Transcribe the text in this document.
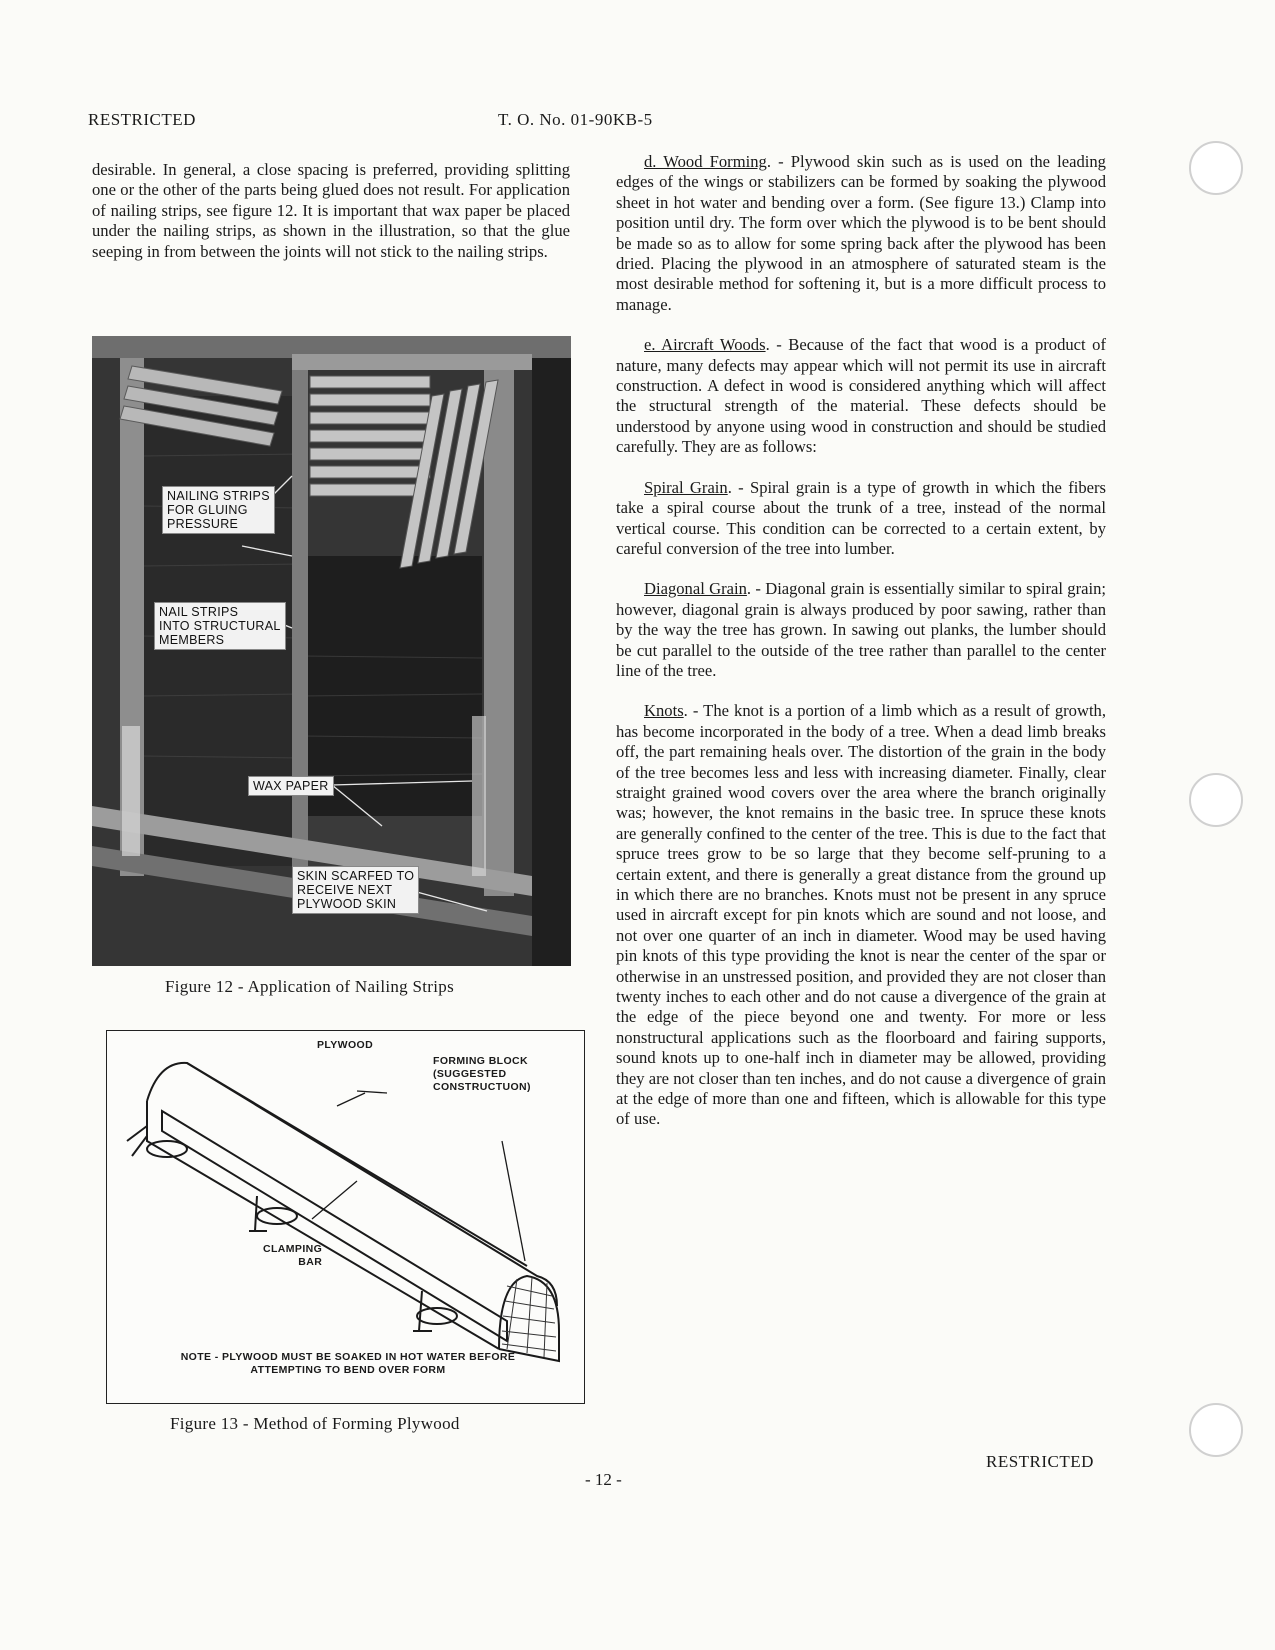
RESTRICTED	T. O. No. 01-90KB-5

desirable. In general, a close spacing is preferred, providing splitting one or the other of the parts being glued does not result. For application of nailing strips, see figure 12. It is important that wax paper be placed under the nailing strips, as shown in the illustration, so that the glue seeping in from between the joints will not stick to the nailing strips.

NAILING STRIPS
FOR GLUING
PRESSURE
NAIL STRIPS
INTO STRUCTURAL
MEMBERS
WAX PAPER
SKIN SCARFED TO
RECEIVE NEXT
PLYWOOD SKIN
Figure 12 - Application of Nailing Strips
PLYWOOD
FORMING BLOCK
(SUGGESTED
CONSTRUCTUON)
CLAMPING
BAR
NOTE - PLYWOOD MUST BE SOAKED IN HOT WATER BEFORE
ATTEMPTING TO BEND OVER FORM
Figure 13 - Method of Forming Plywood

d. Wood Forming. - Plywood skin such as is used on the leading edges of the wings or stabilizers can be formed by soaking the plywood sheet in hot water and bending over a form. (See figure 13.) Clamp into position until dry. The form over which the plywood is to be bent should be made so as to allow for some spring back after the plywood has been dried. Placing the plywood in an atmosphere of saturated steam is the most desirable method for softening it, but is a more difficult process to manage.

e. Aircraft Woods. - Because of the fact that wood is a product of nature, many defects may appear which will not permit its use in aircraft construction. A defect in wood is considered anything which will affect the structural strength of the material. These defects should be understood by anyone using wood in construction and should be studied carefully. They are as follows:

Spiral Grain. - Spiral grain is a type of growth in which the fibers take a spiral course about the trunk of a tree, instead of the normal vertical course. This condition can be corrected to a certain extent, by careful conversion of the tree into lumber.

Diagonal Grain. - Diagonal grain is essentially similar to spiral grain; however, diagonal grain is always produced by poor sawing, rather than by the way the tree has grown. In sawing out planks, the lumber should be cut parallel to the outside of the tree rather than parallel to the center line of the tree.

Knots. - The knot is a portion of a limb which as a result of growth, has become incorporated in the body of a tree. When a dead limb breaks off, the part remaining heals over. The distortion of the grain in the body of the tree becomes less and less with increasing diameter. Finally, clear straight grained wood covers over the area where the branch originally was; however, the knot remains in the basic tree. In spruce these knots are generally confined to the center of the tree. This is due to the fact that spruce trees grow to be so large that they become self-pruning to a certain extent, and there is generally a great distance from the ground up in which there are no branches. Knots must not be present in any spruce used in aircraft except for pin knots which are sound and not loose, and not over one quarter of an inch in diameter. Wood may be used having pin knots of this type providing the knot is near the center of the spar or otherwise in an unstressed position, and provided they are not closer than twenty inches to each other and do not cause a divergence of the grain at the edge of the piece beyond one and twenty. For more or less nonstructural applications such as the floorboard and fairing supports, sound knots up to one-half inch in diameter may be allowed, providing they are not closer than ten inches, and do not cause a divergence of grain at the edge of more than one and fifteen, which is allowable for this type of use.

- 12 -
RESTRICTED
